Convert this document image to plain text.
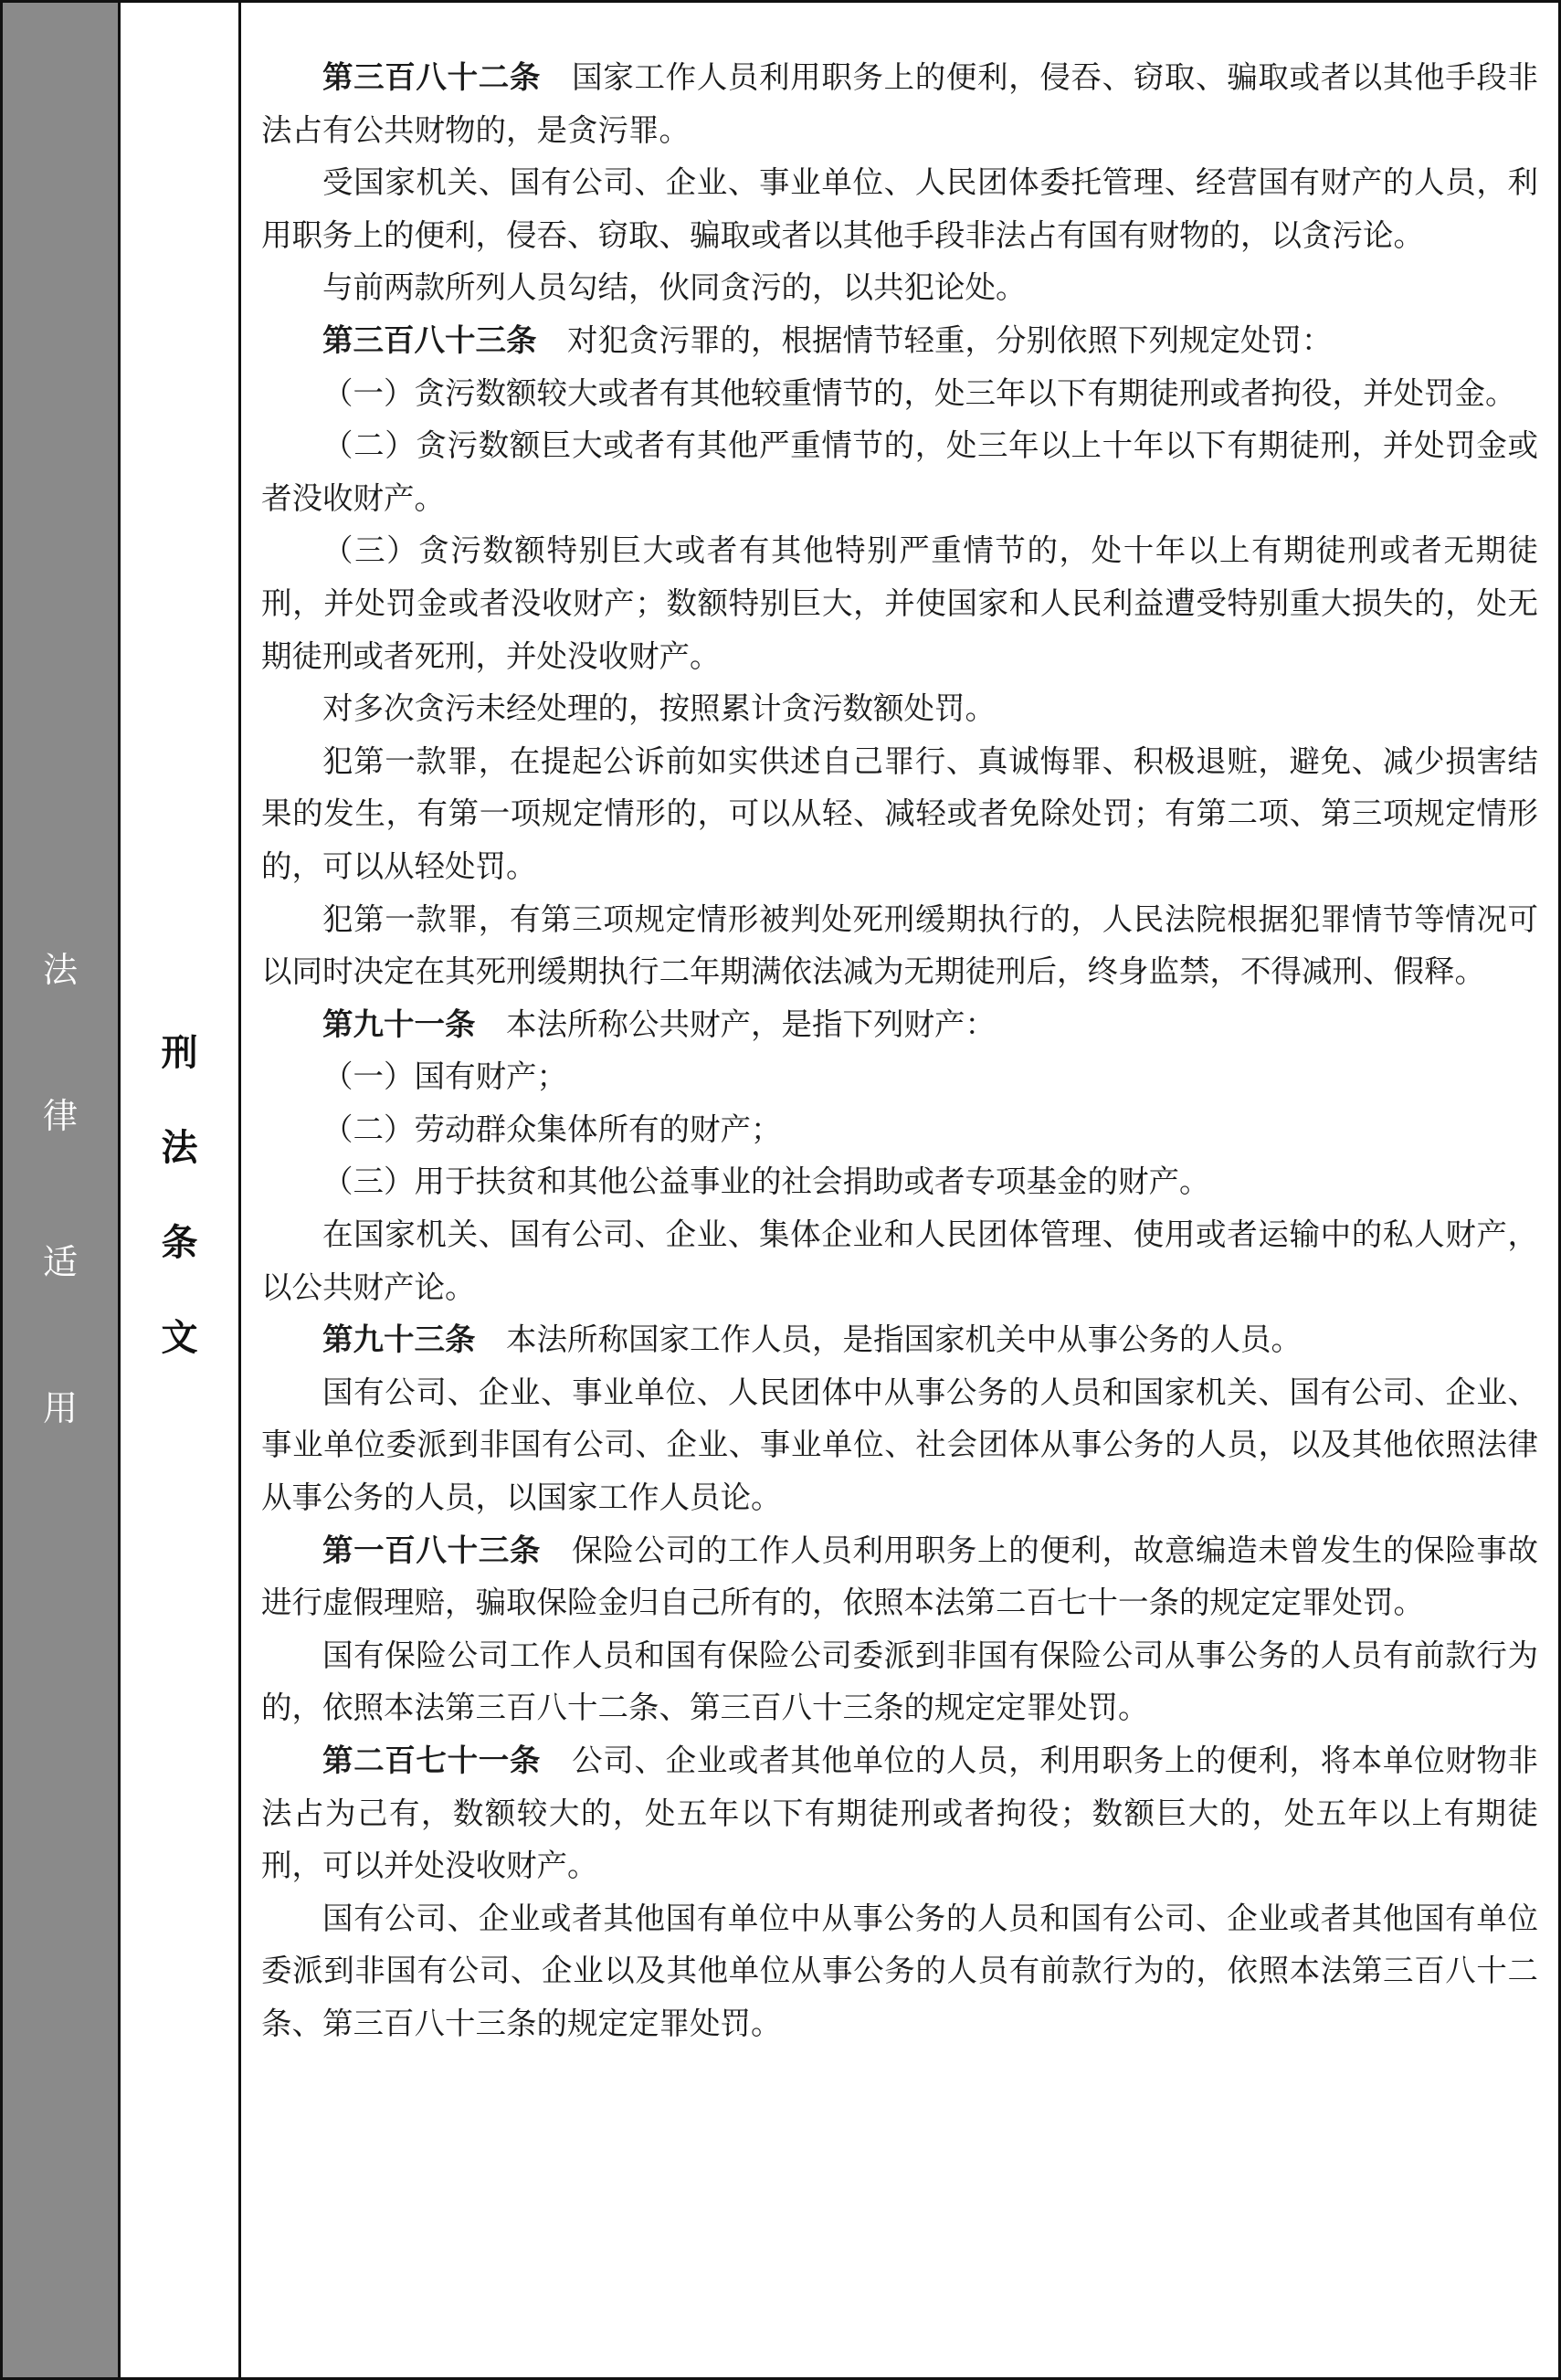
法
律
适
用
刑
法
条
文

第三百八十二条　国家工作人员利用职务上的便利，侵吞、窃取、骗取或者以其他手段非法占有公共财物的，是贪污罪。

受国家机关、国有公司、企业、事业单位、人民团体委托管理、经营国有财产的人员，利用职务上的便利，侵吞、窃取、骗取或者以其他手段非法占有国有财物的，以贪污论。

与前两款所列人员勾结，伙同贪污的，以共犯论处。

第三百八十三条　对犯贪污罪的，根据情节轻重，分别依照下列规定处罚：

（一）贪污数额较大或者有其他较重情节的，处三年以下有期徒刑或者拘役，并处罚金。

（二）贪污数额巨大或者有其他严重情节的，处三年以上十年以下有期徒刑，并处罚金或者没收财产。

（三）贪污数额特别巨大或者有其他特别严重情节的，处十年以上有期徒刑或者无期徒刑，并处罚金或者没收财产；数额特别巨大，并使国家和人民利益遭受特别重大损失的，处无期徒刑或者死刑，并处没收财产。

对多次贪污未经处理的，按照累计贪污数额处罚。

犯第一款罪，在提起公诉前如实供述自己罪行、真诚悔罪、积极退赃，避免、减少损害结果的发生，有第一项规定情形的，可以从轻、减轻或者免除处罚；有第二项、第三项规定情形的，可以从轻处罚。

犯第一款罪，有第三项规定情形被判处死刑缓期执行的，人民法院根据犯罪情节等情况可以同时决定在其死刑缓期执行二年期满依法减为无期徒刑后，终身监禁，不得减刑、假释。

第九十一条　本法所称公共财产，是指下列财产：

（一）国有财产；

（二）劳动群众集体所有的财产；

（三）用于扶贫和其他公益事业的社会捐助或者专项基金的财产。

在国家机关、国有公司、企业、集体企业和人民团体管理、使用或者运输中的私人财产，以公共财产论。

第九十三条　本法所称国家工作人员，是指国家机关中从事公务的人员。

国有公司、企业、事业单位、人民团体中从事公务的人员和国家机关、国有公司、企业、事业单位委派到非国有公司、企业、事业单位、社会团体从事公务的人员，以及其他依照法律从事公务的人员，以国家工作人员论。

第一百八十三条　保险公司的工作人员利用职务上的便利，故意编造未曾发生的保险事故进行虚假理赔，骗取保险金归自己所有的，依照本法第二百七十一条的规定定罪处罚。

国有保险公司工作人员和国有保险公司委派到非国有保险公司从事公务的人员有前款行为的，依照本法第三百八十二条、第三百八十三条的规定定罪处罚。

第二百七十一条　公司、企业或者其他单位的人员，利用职务上的便利，将本单位财物非法占为己有，数额较大的，处五年以下有期徒刑或者拘役；数额巨大的，处五年以上有期徒刑，可以并处没收财产。

国有公司、企业或者其他国有单位中从事公务的人员和国有公司、企业或者其他国有单位委派到非国有公司、企业以及其他单位从事公务的人员有前款行为的，依照本法第三百八十二条、第三百八十三条的规定定罪处罚。
